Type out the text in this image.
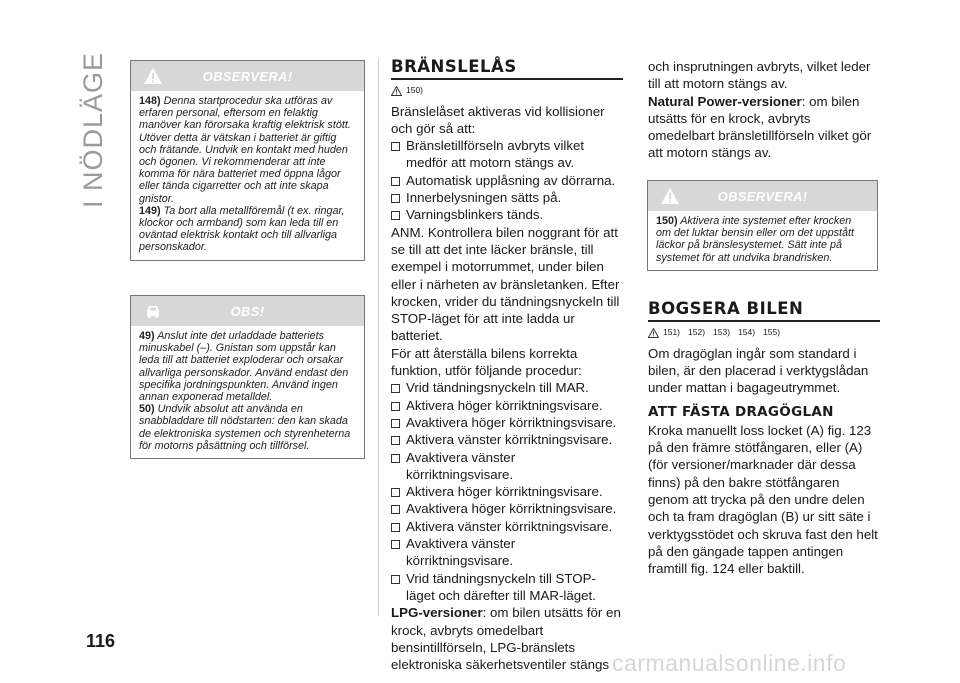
I NÖDLÄGE
116
carmanualsonline.info
OBSERVERA!

148) Denna startprocedur ska utföras av erfaren personal, eftersom en felaktig manöver kan förorsaka kraftig elektrisk stött. Utöver detta är vätskan i batteriet är giftig och frätande. Undvik en kontakt med huden och ögonen. Vi rekommenderar att inte komma för nära batteriet med öppna lågor eller tända cigarretter och att inte skapa gnistor.

149) Ta bort alla metallföremål (t ex. ringar, klockor och armband) som kan leda till en oväntad elektrisk kontakt och till allvarliga personskador.

OBS!

49) Anslut inte det urladdade batteriets minuskabel (–). Gnistan som uppstår kan leda till att batteriet exploderar och orsakar allvarliga personskador. Använd endast den specifika jordningspunkten. Använd ingen annan exponerad metalldel.

50) Undvik absolut att använda en snabbladdare till nödstarten: den kan skada de elektroniska systemen och styrenheterna för motorns påsättning och tillförsel.

BRÄNSLELÅS
150)

Bränslelåset aktiveras vid kollisioner och gör så att:

Bränsletillförseln avbryts vilket medför att motorn stängs av.
Automatisk upplåsning av dörrarna.
Innerbelysningen sätts på.
Varningsblinkers tänds.

ANM. Kontrollera bilen noggrant för att se till att det inte läcker bränsle, till exempel i motorrummet, under bilen eller i närheten av bränsletanken. Efter krocken, vrider du tändningsnyckeln till STOP-läget för att inte ladda ur batteriet.

För att återställa bilens korrekta funktion, utför följande procedur:

Vrid tändningsnyckeln till MAR.
Aktivera höger körriktningsvisare.
Avaktivera höger körriktningsvisare.
Aktivera vänster körriktningsvisare.
Avaktivera vänster körriktningsvisare.
Aktivera höger körriktningsvisare.
Avaktivera höger körriktningsvisare.
Aktivera vänster körriktningsvisare.
Avaktivera vänster körriktningsvisare.
Vrid tändningsnyckeln till STOP-läget och därefter till MAR-läget.

LPG-versioner: om bilen utsätts för en krock, avbryts omedelbart bensintillförseln, LPG-bränslets elektroniska säkerhetsventiler stängs

och insprutningen avbryts, vilket leder till att motorn stängs av.

Natural Power-versioner: om bilen utsätts för en krock, avbryts omedelbart bränsletillförseln vilket gör att motorn stängs av.

OBSERVERA!

150) Aktivera inte systemet efter krocken om det luktar bensin eller om det uppstått läckor på bränslesystemet. Sätt inte på systemet för att undvika brandrisken.

BOGSERA BILEN
151) 152) 153) 154) 155)

Om dragöglan ingår som standard i bilen, är den placerad i verktygslådan under mattan i bagageutrymmet.

ATT FÄSTA DRAGÖGLAN

Kroka manuellt loss locket (A) fig. 123 på den främre stötfångaren, eller (A) (för versioner/marknader där dessa finns) på den bakre stötfångaren genom att trycka på den undre delen och ta fram dragöglan (B) ur sitt säte i verktygsstödet och skruva fast den helt på den gängade tappen antingen framtill fig. 124 eller baktill.
